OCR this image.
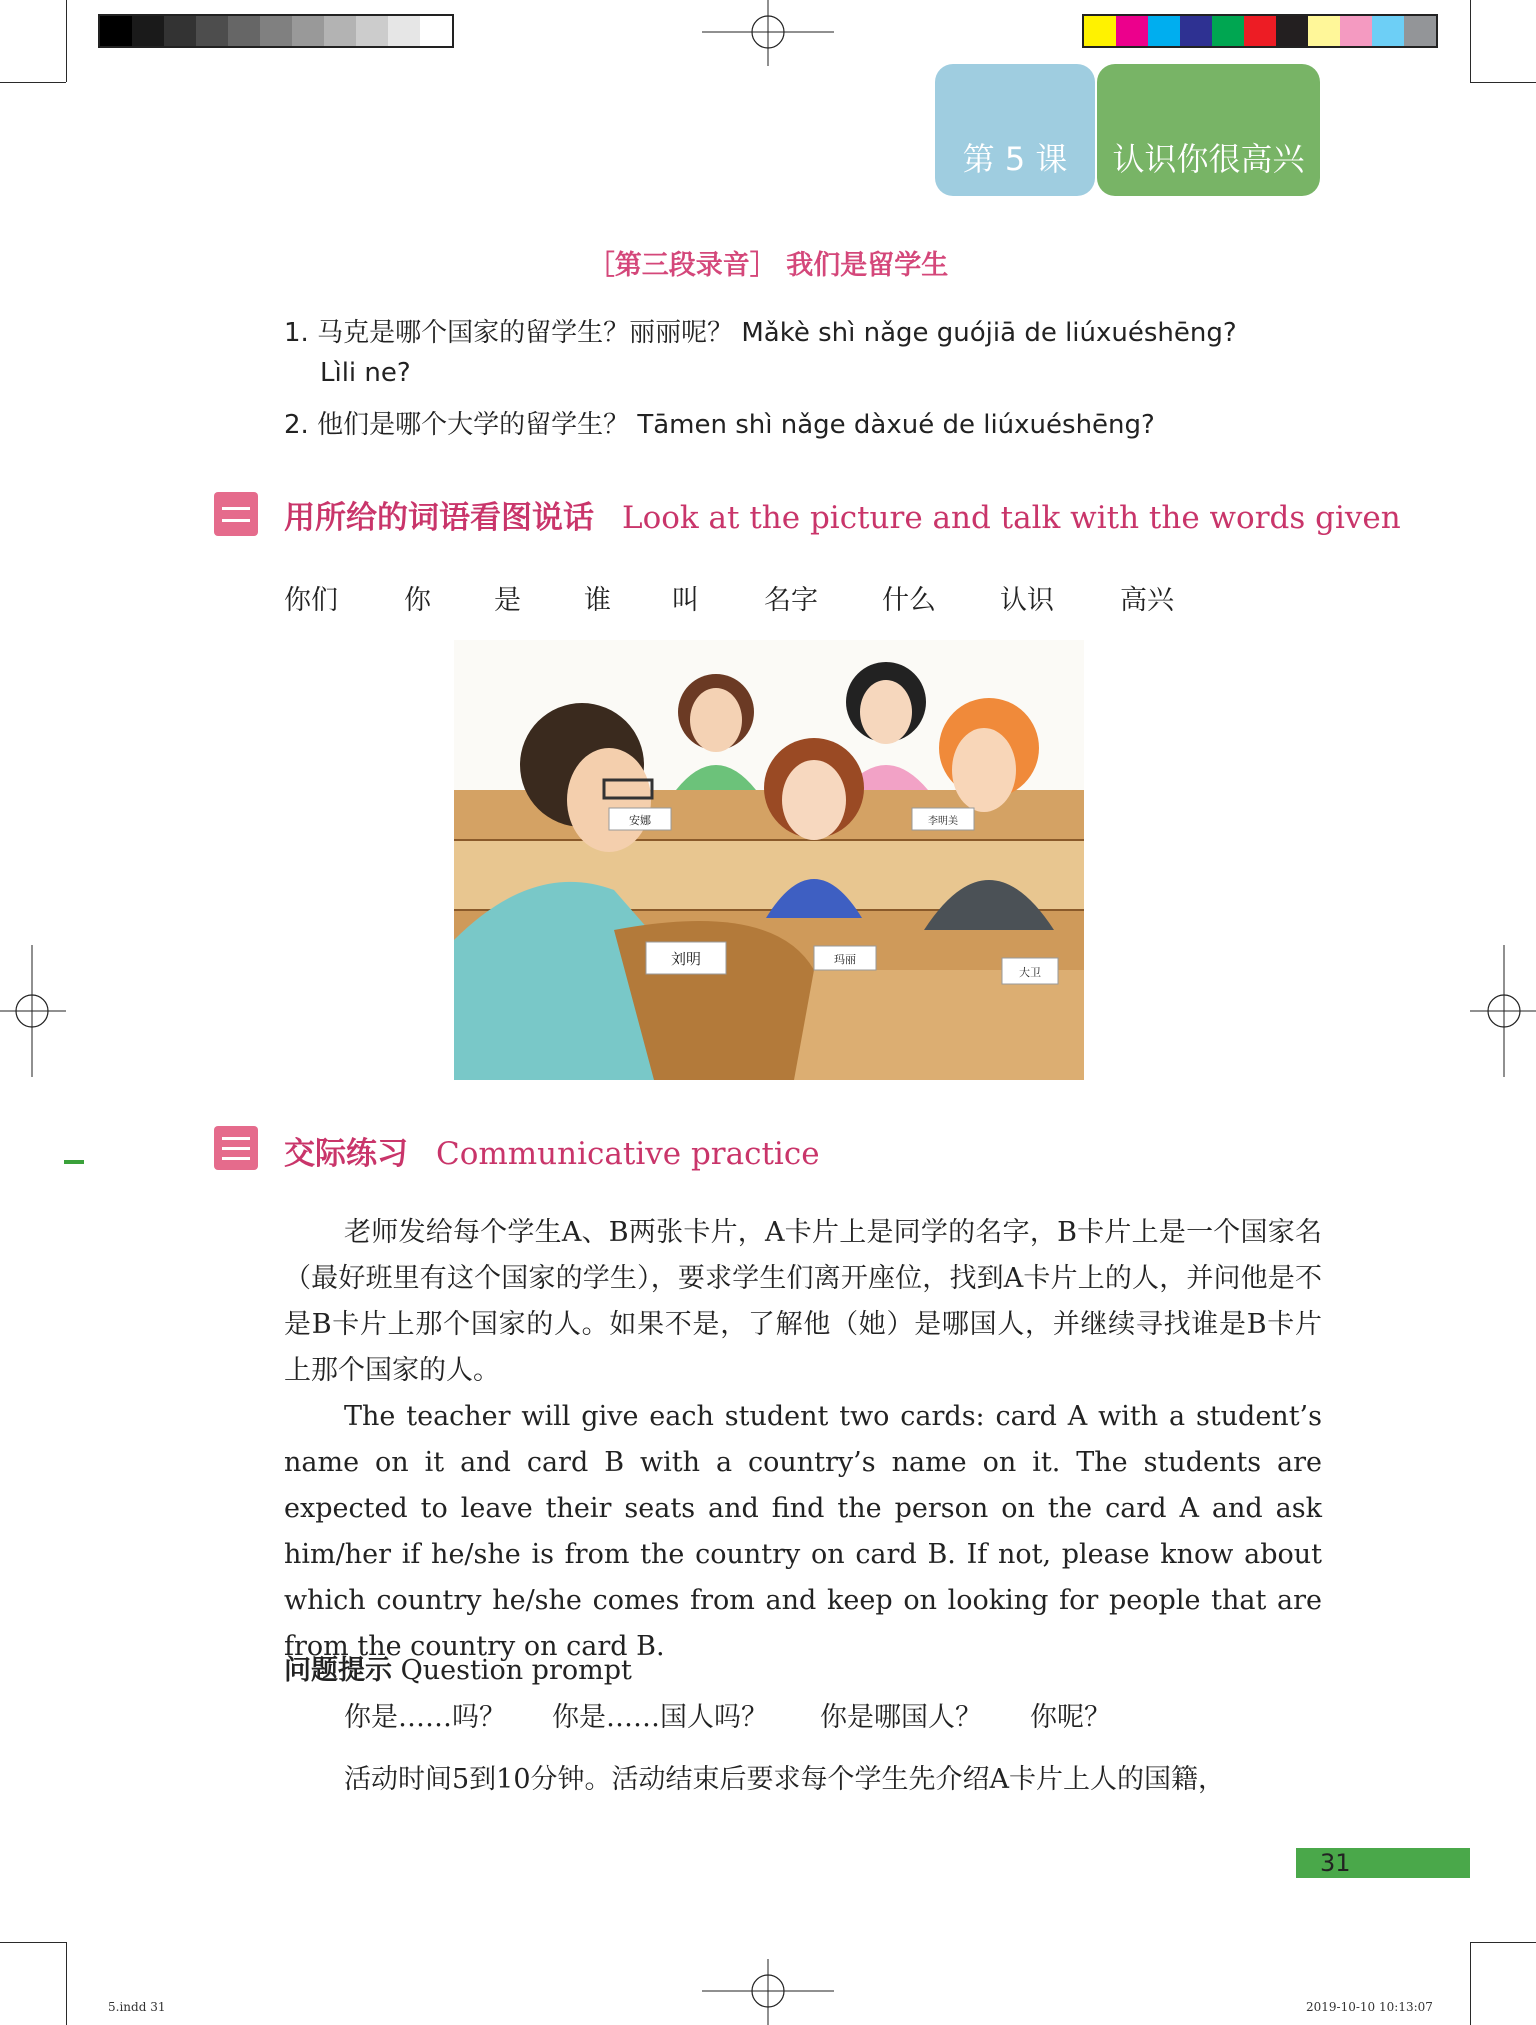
第 5 课 认识你很高兴
［第三段录音］ 我们是留学生
1. 马克是哪个国家的留学生？丽丽呢？ Mǎkè shì nǎge guójiā de liúxuéshēng?
Lìli ne?
2. 他们是哪个大学的留学生？ Tāmen shì nǎge dàxué de liúxuéshēng?
用所给的词语看图说话 Look at the picture and talk with the words given
你们 你 是 谁 叫 名字 什么 认识 高兴
安娜	李明美
刘明	玛丽
大卫
交际练习 Communicative practice

老师发给每个学生A、B两张卡片，A卡片上是同学的名字，B卡片上是一个国家名（最好班里有这个国家的学生），要求学生们离开座位，找到A卡片上的人，并问他是不是B卡片上那个国家的人。如果不是，了解他（她）是哪国人，并继续寻找谁是B卡片上那个国家的人。

The teacher will give each student two cards: card A with a student’s name on it and card B with a country’s name on it. The students are expected to leave their seats and find the person on the card A and ask him/her if he/she is from the country on card B. If not, please know about which country he/she comes from and keep on looking for people that are from the country on card B.

问题提示 Question prompt
你是……吗？ 你是……国人吗？ 你是哪国人？ 你呢？
活动时间5到10分钟。活动结束后要求每个学生先介绍A卡片上人的国籍，
31
5.indd 31	2019-10-10 10:13:07
